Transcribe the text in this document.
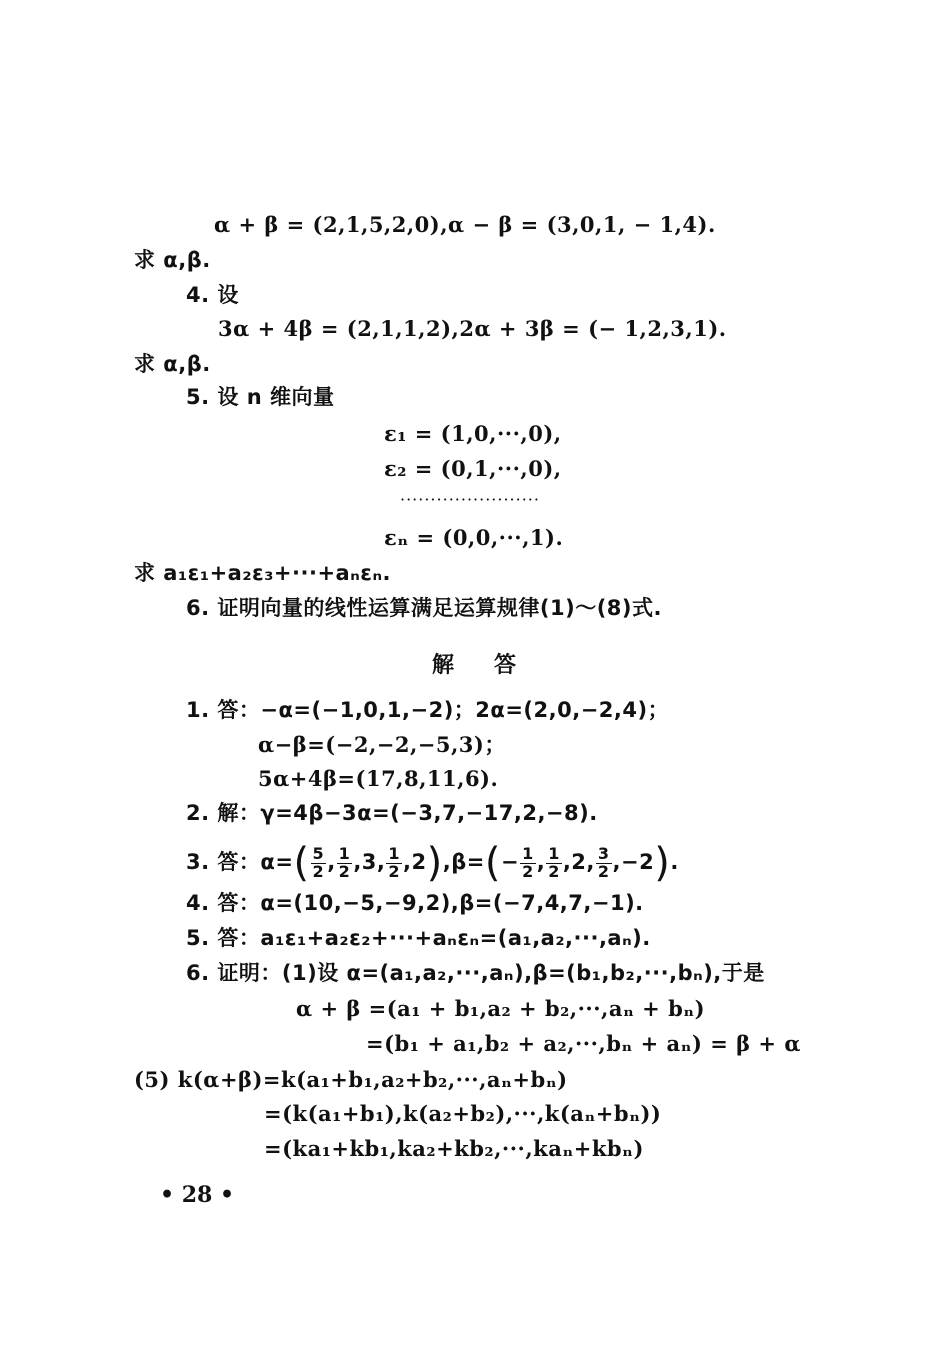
α + β = (2,1,5,2,0),α − β = (3,0,1, − 1,4).
求 α,β.
4. 设
3α + 4β = (2,1,1,2),2α + 3β = (− 1,2,3,1).
求 α,β.
5. 设 n 维向量
ε₁ = (1,0,···,0),
ε₂ = (0,1,···,0),
·······················
εₙ = (0,0,···,1).
求 a₁ε₁+a₂ε₃+···+aₙεₙ.
6. 证明向量的线性运算满足运算规律(1)～(8)式.
解答
1. 答：−α=(−1,0,1,−2)；2α=(2,0,−2,4)；
α−β=(−2,−2,−5,3)；
5α+4β=(17,8,11,6).
2. 解：γ=4β−3α=(−3,7,−17,2,−8).
3. 答：$\alpha=( \frac{5}{2}$ , $\frac{1}{2} ,3$, $\frac{1}{2} ,2),\beta=(- \frac{1}{2}$ , $\frac{1}{2} ,2$, $\frac{3}{2} ,-2$).
4. 答：α=(10,−5,−9,2),β=(−7,4,7,−1).
5. 答：a₁ε₁+a₂ε₂+···+aₙεₙ=(a₁,a₂,···,aₙ).
6. 证明：(1)设 α=(a₁,a₂,···,aₙ),β=(b₁,b₂,···,bₙ),于是
α + β =(a₁ + b₁,a₂ + b₂,···,aₙ + bₙ)
=(b₁ + a₁,b₂ + a₂,···,bₙ + aₙ) = β + α
(5) k(α+β)=k(a₁+b₁,a₂+b₂,···,aₙ+bₙ)
=(k(a₁+b₁),k(a₂+b₂),···,k(aₙ+bₙ))
=(ka₁+kb₁,ka₂+kb₂,···,kaₙ+kbₙ)
• 28 •
